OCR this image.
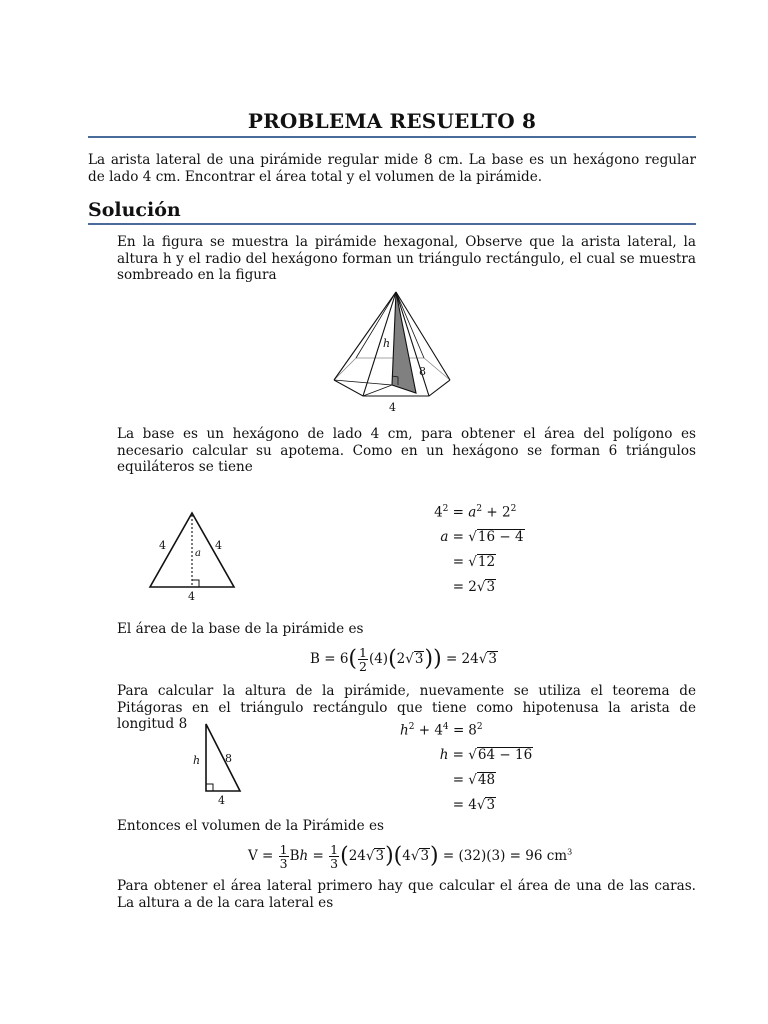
PROBLEMA RESUELTO 8
La arista lateral de una pirámide regular mide 8 cm. La base es un hexágono regular de lado 4 cm. Encontrar el área total y el volumen de la pirámide.
Solución
En la figura se muestra la pirámide hexagonal, Observe que la arista lateral, la altura h y el radio del hexágono forman un triángulo rectángulo, el cual se muestra sombreado en la figura
h
8
4
La base es un hexágono de lado 4 cm, para obtener el área del polígono es necesario calcular su apotema. Como en un hexágono se forman 6 triángulos equiláteros se tiene
4	4
a
4
$4^2 = a^2 + 2^2$
a = √16 − 4
= √12
= 2√3
El área de la base de la pirámide es
$B = 6( \frac{1}{2} (4)(2√3)) = 24√3$
Para calcular la altura de la pirámide, nuevamente se utiliza el teorema de Pitágoras en el triángulo rectángulo que tiene como hipotenusa la arista de longitud 8
h 8
4
$h^2 + 4^4 = 8^2$
h = √64 − 16
= √48
= 4√3
Entonces el volumen de la Pirámide es
$V = \frac{1}{3}$ $Bh = \frac{1}{3} (24√3)(4√3) = (32)(3) = 96$ $cm^3$
Para obtener el área lateral primero hay que calcular el área de una de las caras. La altura a de la cara lateral es
